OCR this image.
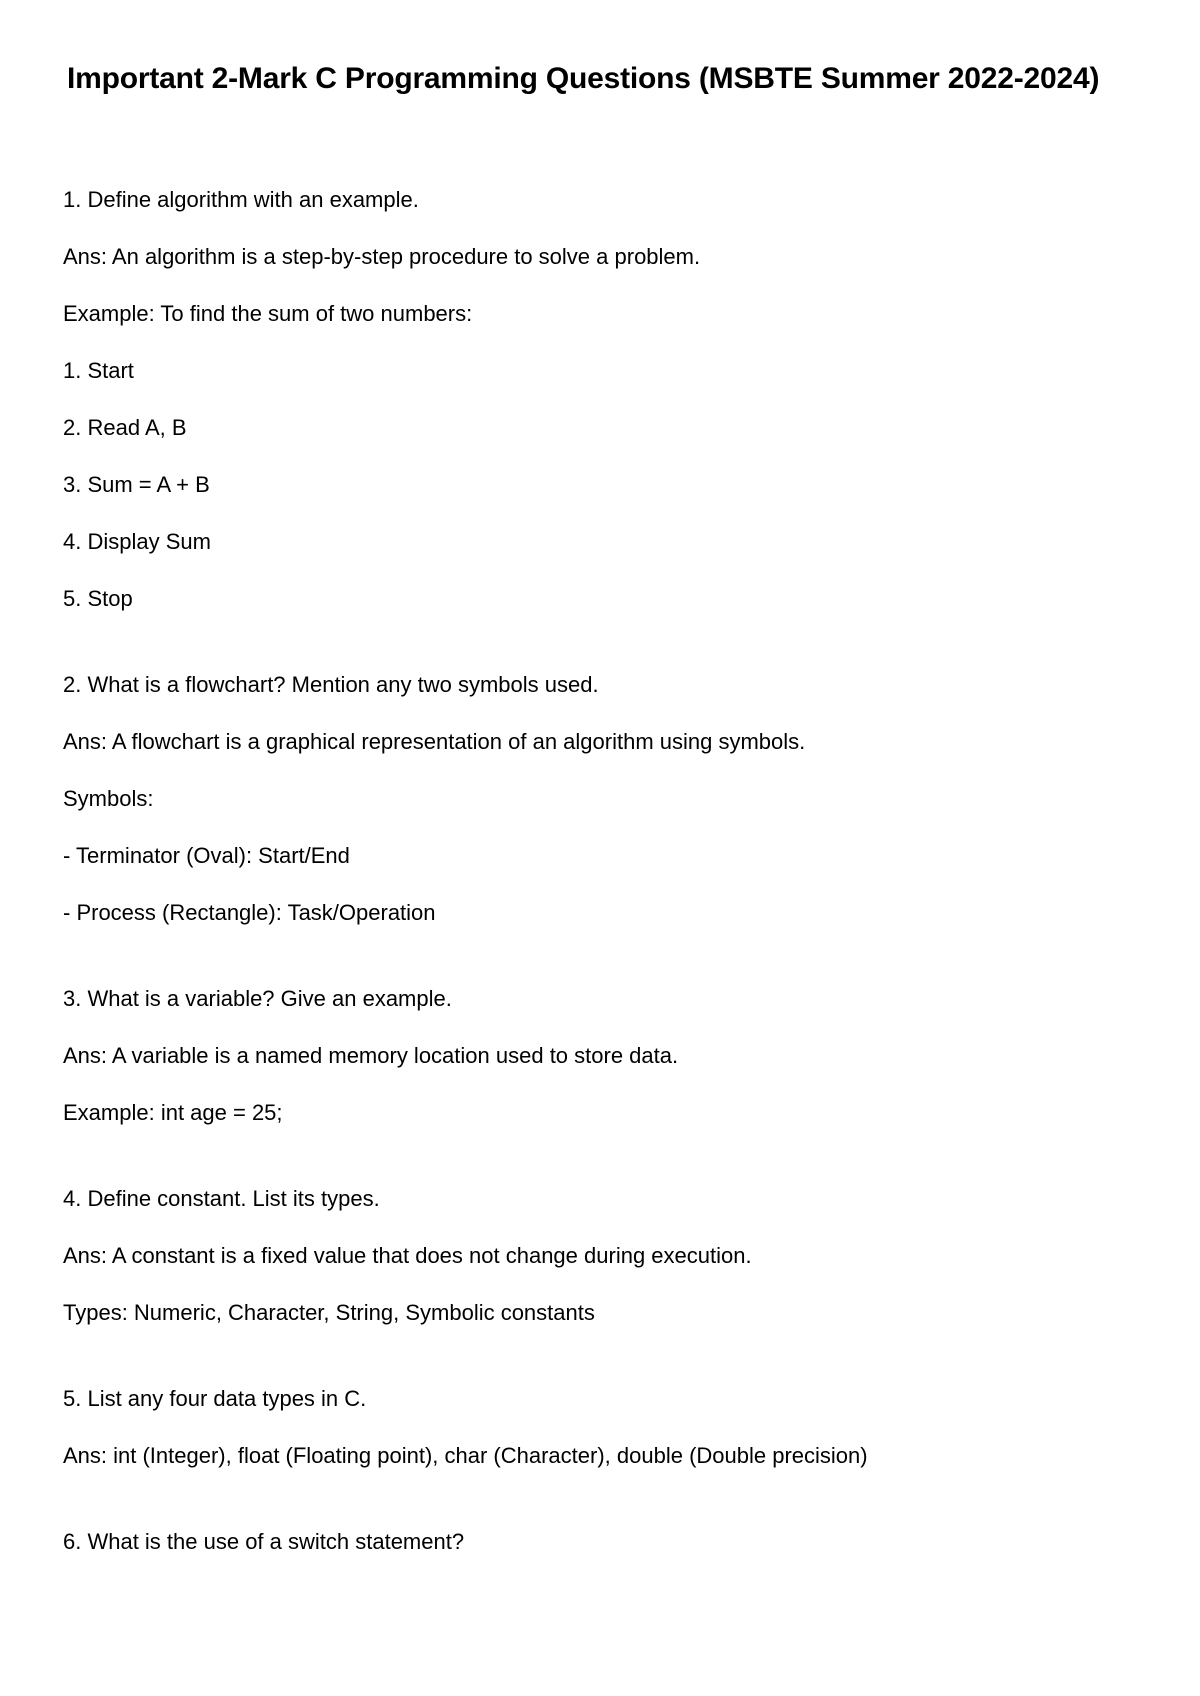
Important 2-Mark C Programming Questions (MSBTE Summer 2022-2024)
1. Define algorithm with an example.
Ans: An algorithm is a step-by-step procedure to solve a problem.
Example: To find the sum of two numbers:
1. Start
2. Read A, B
3. Sum = A + B
4. Display Sum
5. Stop
2. What is a flowchart? Mention any two symbols used.
Ans: A flowchart is a graphical representation of an algorithm using symbols.
Symbols:
- Terminator (Oval): Start/End
- Process (Rectangle): Task/Operation
3. What is a variable? Give an example.
Ans: A variable is a named memory location used to store data.
Example: int age = 25;
4. Define constant. List its types.
Ans: A constant is a fixed value that does not change during execution.
Types: Numeric, Character, String, Symbolic constants
5. List any four data types in C.
Ans: int (Integer), float (Floating point), char (Character), double (Double precision)
6. What is the use of a switch statement?
